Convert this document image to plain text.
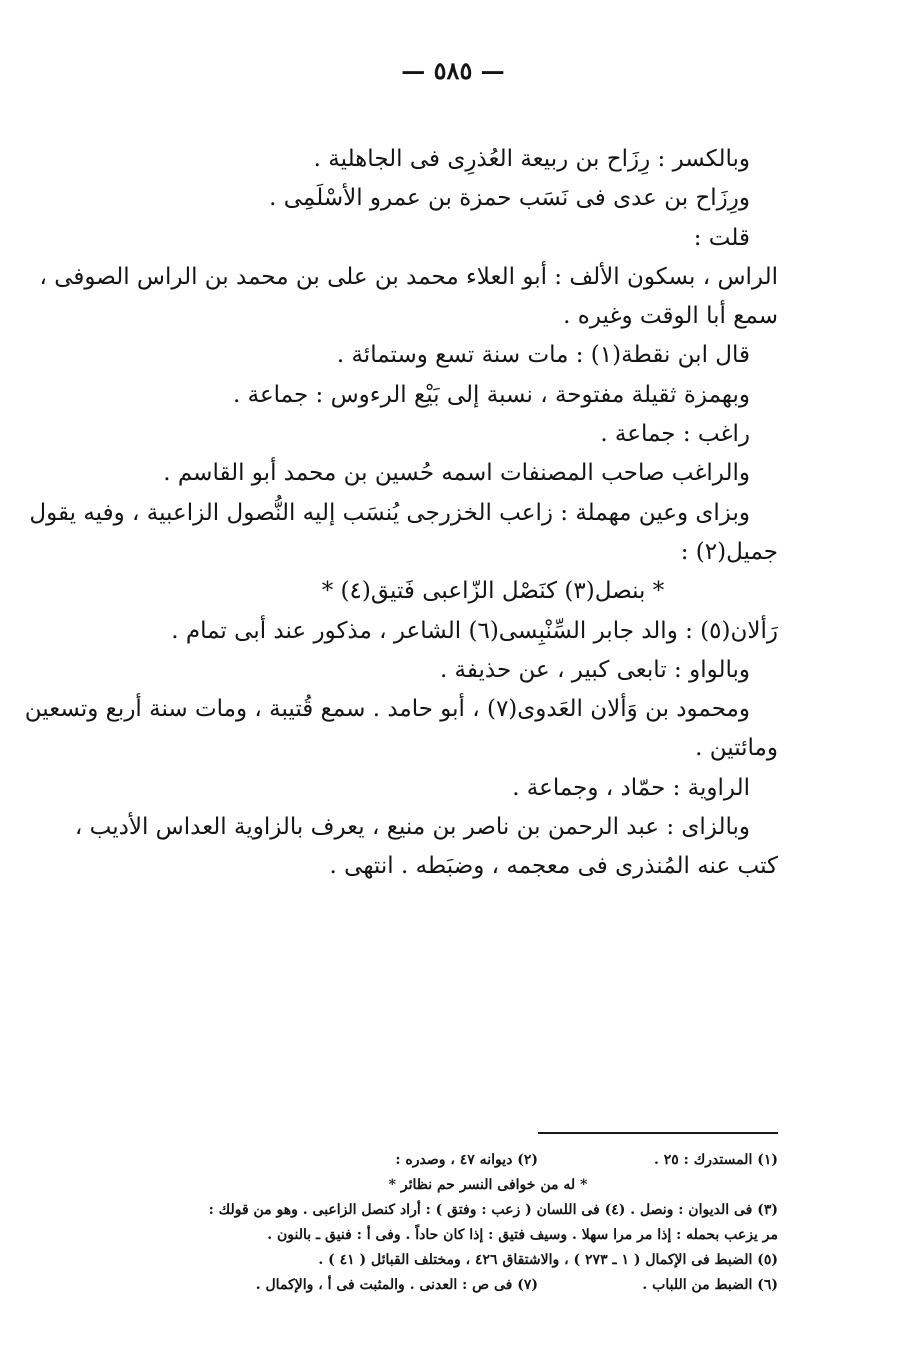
— ٥٨٥ —
وبالكسر : رِزَاح بن ربيعة العُذرِى فى الجاهلية .
ورِزَاح بن عدى فى نَسَب حمزة بن عمرو الأسْلَمِى .
قلت :
الراس ، بسكون الألف : أبو العلاء محمد بن على بن محمد بن الراس الصوفى ،
سمع أبا الوقت وغيره .
قال ابن نقطة(١) : مات سنة تسع وستمائة .
وبهمزة ثقيلة مفتوحة ، نسبة إلى بَيْع الرءوس : جماعة .
راغب : جماعة .
والراغب صاحب المصنفات اسمه حُسين بن محمد أبو القاسم .
وبزاى وعين مهملة : زاعب الخزرجى يُنسَب إليه النُّصول الزاعبية ، وفيه يقول
جميل(٢) :
* بنصل(٣) كنَصْل الزّاعبى فَتيق(٤) *
رَألان(٥) : والد جابر السِّنْبِسى(٦) الشاعر ، مذكور عند أبى تمام .
وبالواو : تابعى كبير ، عن حذيفة .
ومحمود بن وَألان العَدوى(٧) ، أبو حامد . سمع قُتيبة ، ومات سنة أربع وتسعين
ومائتين .
الراوية : حمّاد ، وجماعة .
وبالزاى : عبد الرحمن بن ناصر بن منيع ، يعرف بالزاوية العداس الأديب ،
كتب عنه المُنذرى فى معجمه ، وضبَطه . انتهى .
(١) المستدرك : ٢٥ .(٢) ديوانه ٤٧ ، وصدره :
* له من خوافى النسر حم نظائر *
(٣) فى الديوان : ونصل . (٤) فى اللسان ( زعب : وفتق ) : أراد كنصل الزاعبى . وهو من قولك :
مر يزعب بحمله : إذا مر مرا سهلا . وسيف فتيق : إذا كان حاداً . وفى أ : فنيق ـ بالنون .
(٥) الضبط فى الإكمال ( ١ ـ ٢٧٣ ) ، والاشتقاق ٤٢٦ ، ومختلف القبائل ( ٤١ ) .
(٦) الضبط من اللباب .(٧) فى ص : العدنى . والمثبت فى أ ، والإكمال .
